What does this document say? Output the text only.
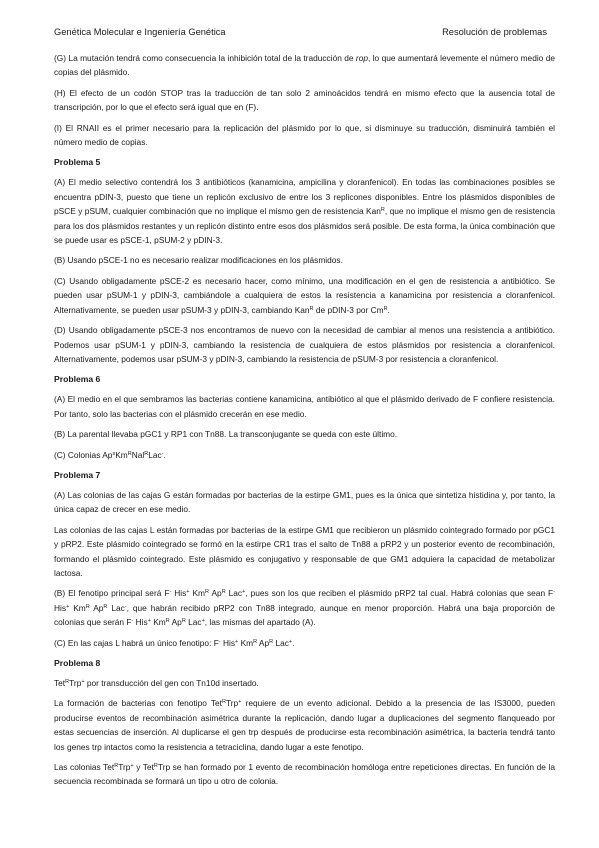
Genética Molecular e Ingeniería Genética	Resolución de problemas

(G) La mutación tendrá como consecuencia la inhibición total de la traducción de rop, lo que aumentará levemente el número medio de copias del plásmido.

(H) El efecto de un codón STOP tras la traducción de tan solo 2 aminoácidos tendrá en mismo efecto que la ausencia total de transcripción, por lo que el efecto será igual que en (F).

(I) El RNAII es el primer necesario para la replicación del plásmido por lo que, si disminuye su traducción, disminuirá también el número medio de copias.

Problema 5

(A) El medio selectivo contendrá los 3 antibióticos (kanamicina, ampicilina y cloranfenicol). En todas las combinaciones posibles se encuentra pDIN-3, puesto que tiene un replicón exclusivo de entre los 3 replicones disponibles. Entre los plásmidos disponibles de pSCE y pSUM, cualquier combinación que no implique el mismo gen de resistencia Kan$^R$, que no implique el mismo gen de resistencia para los dos plásmidos restantes y un replicón distinto entre esos dos plásmidos será posible. De esta forma, la única combinación que se puede usar es pSCE-1, pSUM-2 y pDIN-3.

(B) Usando pSCE-1 no es necesario realizar modificaciones en los plásmidos.

(C) Usando obligadamente pSCE-2 es necesario hacer, como mínimo, una modificación en el gen de resistencia a antibiótico. Se pueden usar pSUM-1 y pDIN-3, cambiándole a cualquiera de estos la resistencia a kanamicina por resistencia a cloranfenicol. Alternativamente, se pueden usar pSUM-3 y pDIN-3, cambiando Kan$^R$ de pDIN-3 por $Cm^R$.

(D) Usando obligadamente pSCE-3 nos encontramos de nuevo con la necesidad de cambiar al menos una resistencia a antibiótico. Podemos usar pSUM-1 y pDIN-3, cambiando la resistencia de cualquiera de estos plásmidos por resistencia a cloranfenicol. Alternativamente, podemos usar pSUM-3 y pDIN-3, cambiando la resistencia de pSUM-3 por resistencia a cloranfenicol.

Problema 6

(A) El medio en el que sembramos las bacterias contiene kanamicina, antibiótico al que el plásmido derivado de F confiere resistencia. Por tanto, solo las bacterias con el plásmido crecerán en ese medio.

(B) La parental llevaba pGC1 y RP1 con Tn88. La transconjugante se queda con este último.

(C) Colonias $Ap^sKm^RNal^RLac^-$.

Problema 7

(A) Las colonias de las cajas G están formadas por bacterias de la estirpe GM1, pues es la única que sintetiza histidina y, por tanto, la única capaz de crecer en ese medio.

Las colonias de las cajas L están formadas por bacterias de la estirpe GM1 que recibieron un plásmido cointegrado formado por pGC1 y pRP2. Este plásmido cointegrado se formó en la estirpe CR1 tras el salto de Tn88 a pRP2 y un posterior evento de recombinación, formando el plásmido cointegrado. Este plásmido es conjugativo y responsable de que GM1 adquiera la capacidad de metabolizar lactosa.

(B) El fenotipo principal será F- His+ $Km^R$ $Ap^R$ Lac+, pues son los que reciben el plásmido pRP2 tal cual. Habrá colonias que sean F- His+ $Km^R$ $Ap^R$ Lac-, que habrán recibido pRP2 con Tn88 integrado, aunque en menor proporción. Habrá una baja proporción de colonias que serán F- His+ $Km^R$ $Ap^R$ Lac+, las mismas del apartado (A).

(C) En las cajas L habrá un único fenotipo: F- His+ $Km^R$ $Ap^R$ Lac+.

Problema 8

Tet$^R$Trp+ por transducción del gen con Tn10d insertado.

La formación de bacterias con fenotipo Tet$^R$Trp+ requiere de un evento adicional. Debido a la presencia de las IS3000, pueden producirse eventos de recombinación asimétrica durante la replicación, dando lugar a duplicaciones del segmento flanqueado por estas secuencias de inserción. Al duplicarse el gen trp después de producirse esta recombinación asimétrica, la bacteria tendrá tanto los genes trp intactos como la resistencia a tetraciclina, dando lugar a este fenotipo.

Las colonias Tet$^R$Trp+ y Tet$^R$Trp se han formado por 1 evento de recombinación homóloga entre repeticiones directas. En función de la secuencia recombinada se formará un tipo u otro de colonia.
